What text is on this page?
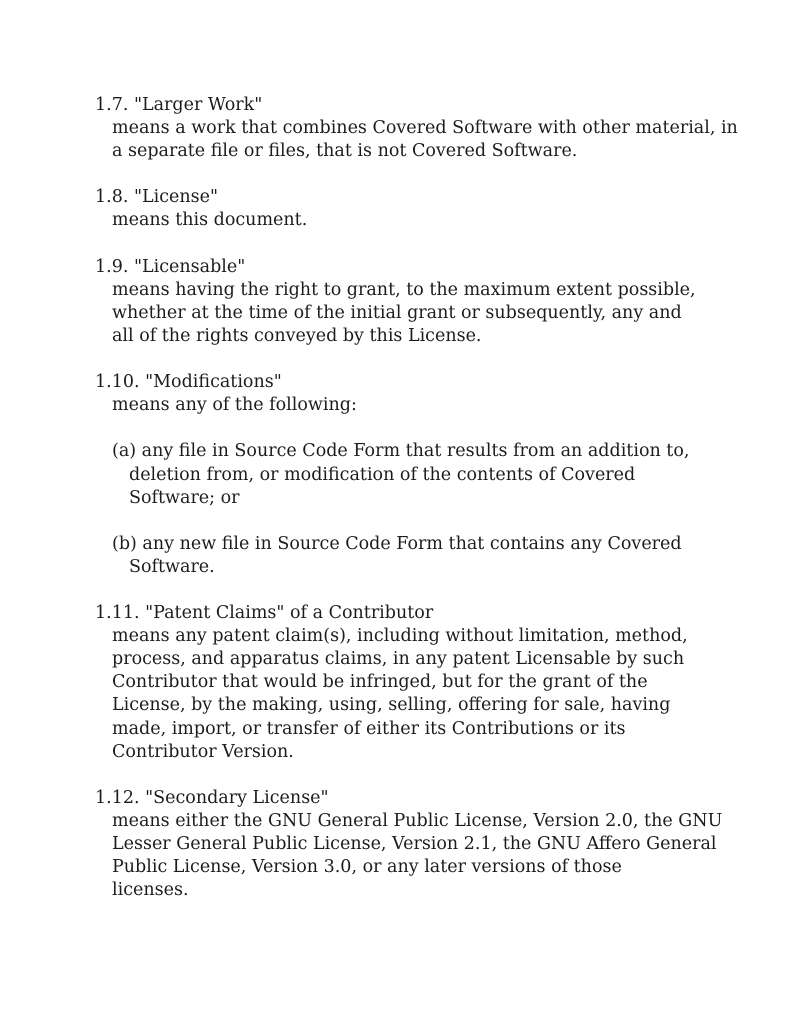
1.7. "Larger Work"
means a work that combines Covered Software with other material, in
a separate file or files, that is not Covered Software.
1.8. "License"
means this document.
1.9. "Licensable"
means having the right to grant, to the maximum extent possible,
whether at the time of the initial grant or subsequently, any and
all of the rights conveyed by this License.
1.10. "Modifications"
means any of the following:
(a) any file in Source Code Form that results from an addition to,
deletion from, or modification of the contents of Covered
Software; or
(b) any new file in Source Code Form that contains any Covered
Software.
1.11. "Patent Claims" of a Contributor
means any patent claim(s), including without limitation, method,
process, and apparatus claims, in any patent Licensable by such
Contributor that would be infringed, but for the grant of the
License, by the making, using, selling, offering for sale, having
made, import, or transfer of either its Contributions or its
Contributor Version.
1.12. "Secondary License"
means either the GNU General Public License, Version 2.0, the GNU
Lesser General Public License, Version 2.1, the GNU Affero General
Public License, Version 3.0, or any later versions of those
licenses.
